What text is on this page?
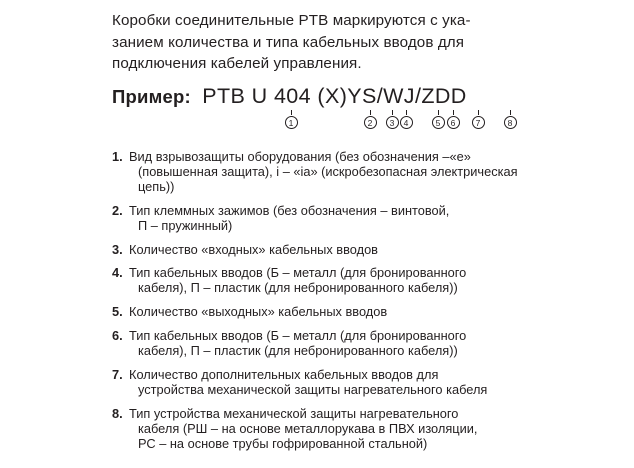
Коробки соединительные PTB маркируются с ука-
занием количества и типа кабельных вводов для
подключения кабелей управления.

Пример: PTB U 404 (X)YS/WJ/ZDD
1	2	3	4	5	6	7	8
1. Вид взрывозащиты оборудования (без обозначения –«е»
(повышенная защита), i – «ia» (искробезопасная электрическая
цепь))
2. Тип клеммных зажимов (без обозначения – винтовой,
П – пружинный)
3. Количество «входных» кабельных вводов
4. Тип кабельных вводов (Б – металл (для бронированного
кабеля), П – пластик (для небронированного кабеля))
5. Количество «выходных» кабельных вводов
6. Тип кабельных вводов (Б – металл (для бронированного
кабеля), П – пластик (для небронированного кабеля))
7. Количество дополнительных кабельных вводов для
устройства механической защиты нагревательного кабеля
8. Тип устройства механической защиты нагревательного
кабеля (РШ – на основе металлорукава в ПВХ изоляции,
РС – на основе трубы гофрированной стальной)
